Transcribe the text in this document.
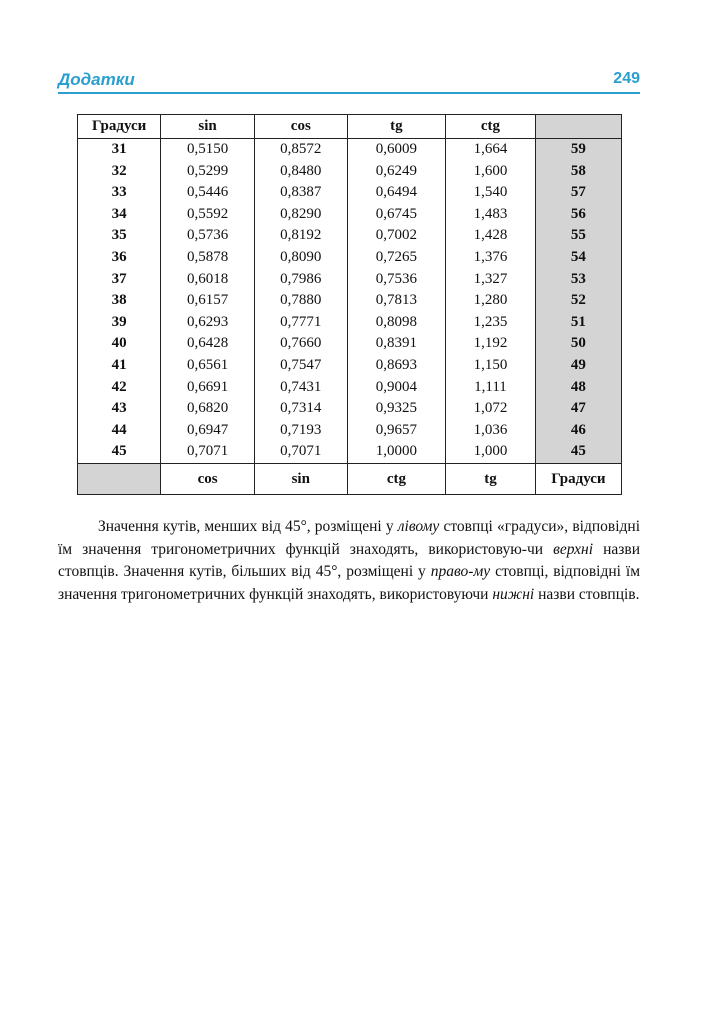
Додатки	249
Градуси	sin	cos	tg	ctg	
31	0,5150	0,8572	0,6009	1,664	59
32	0,5299	0,8480	0,6249	1,600	58
33	0,5446	0,8387	0,6494	1,540	57
34	0,5592	0,8290	0,6745	1,483	56
35	0,5736	0,8192	0,7002	1,428	55
36	0,5878	0,8090	0,7265	1,376	54
37	0,6018	0,7986	0,7536	1,327	53
38	0,6157	0,7880	0,7813	1,280	52
39	0,6293	0,7771	0,8098	1,235	51
40	0,6428	0,7660	0,8391	1,192	50
41	0,6561	0,7547	0,8693	1,150	49
42	0,6691	0,7431	0,9004	1,111	48
43	0,6820	0,7314	0,9325	1,072	47
44	0,6947	0,7193	0,9657	1,036	46
45	0,7071	0,7071	1,0000	1,000	45
	cos	sin	ctg	tg	Градуси

Значення кутів, менших від 45°, розміщені у лівому стовпці «градуси», відповідні їм значення тригонометричних функцій знаходять, використовую-чи верхні назви стовпців. Значення кутів, більших від 45°, розміщені у право-му стовпці, відповідні їм значення тригонометричних функцій знаходять, використовуючи нижні назви стовпців.
